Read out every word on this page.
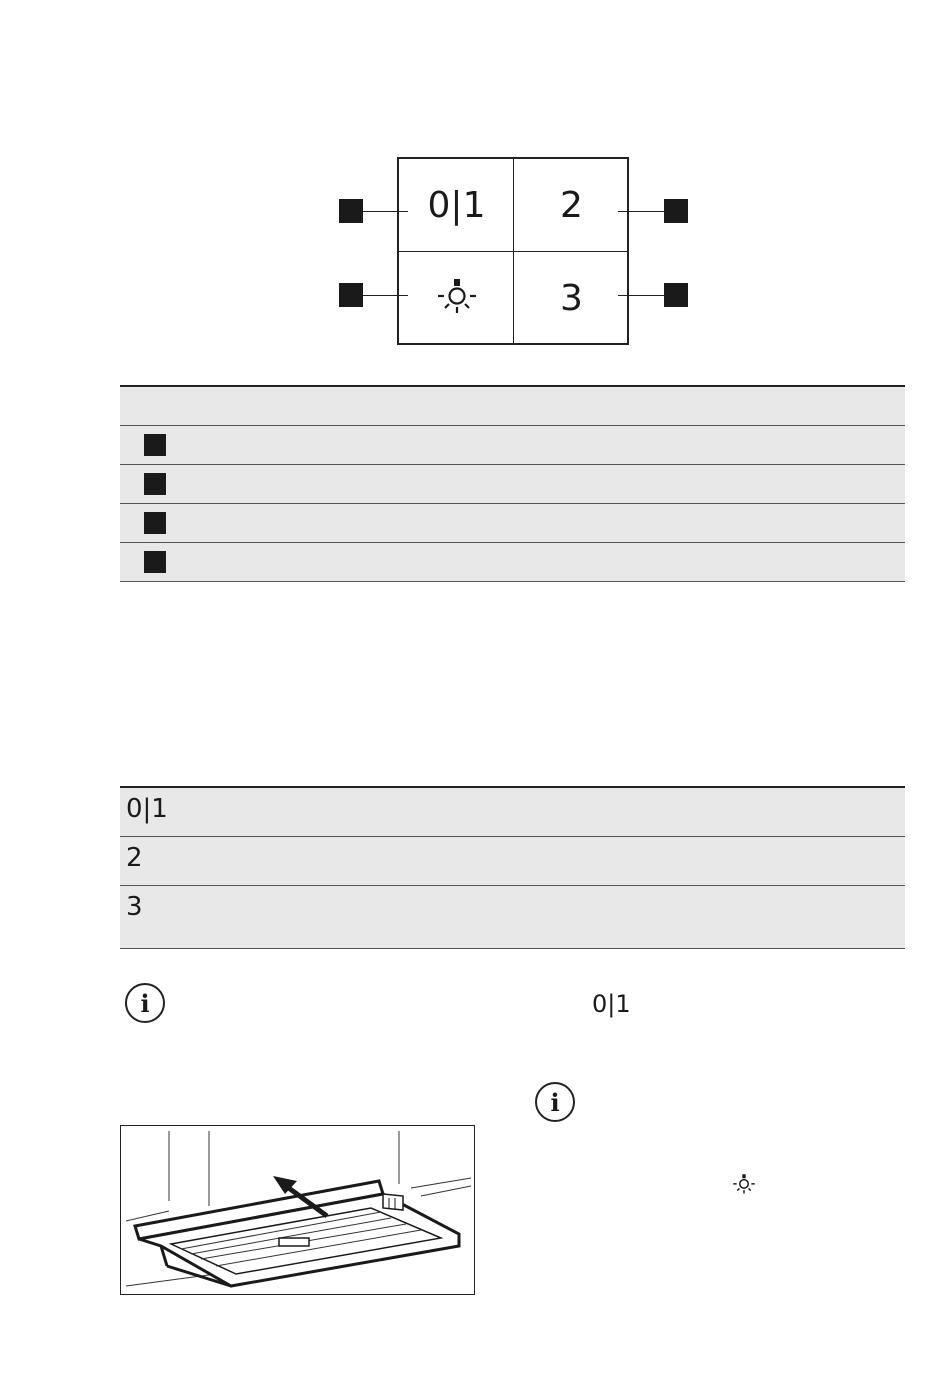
0|1 2
3
0|1
2
3
i	0|1
i
